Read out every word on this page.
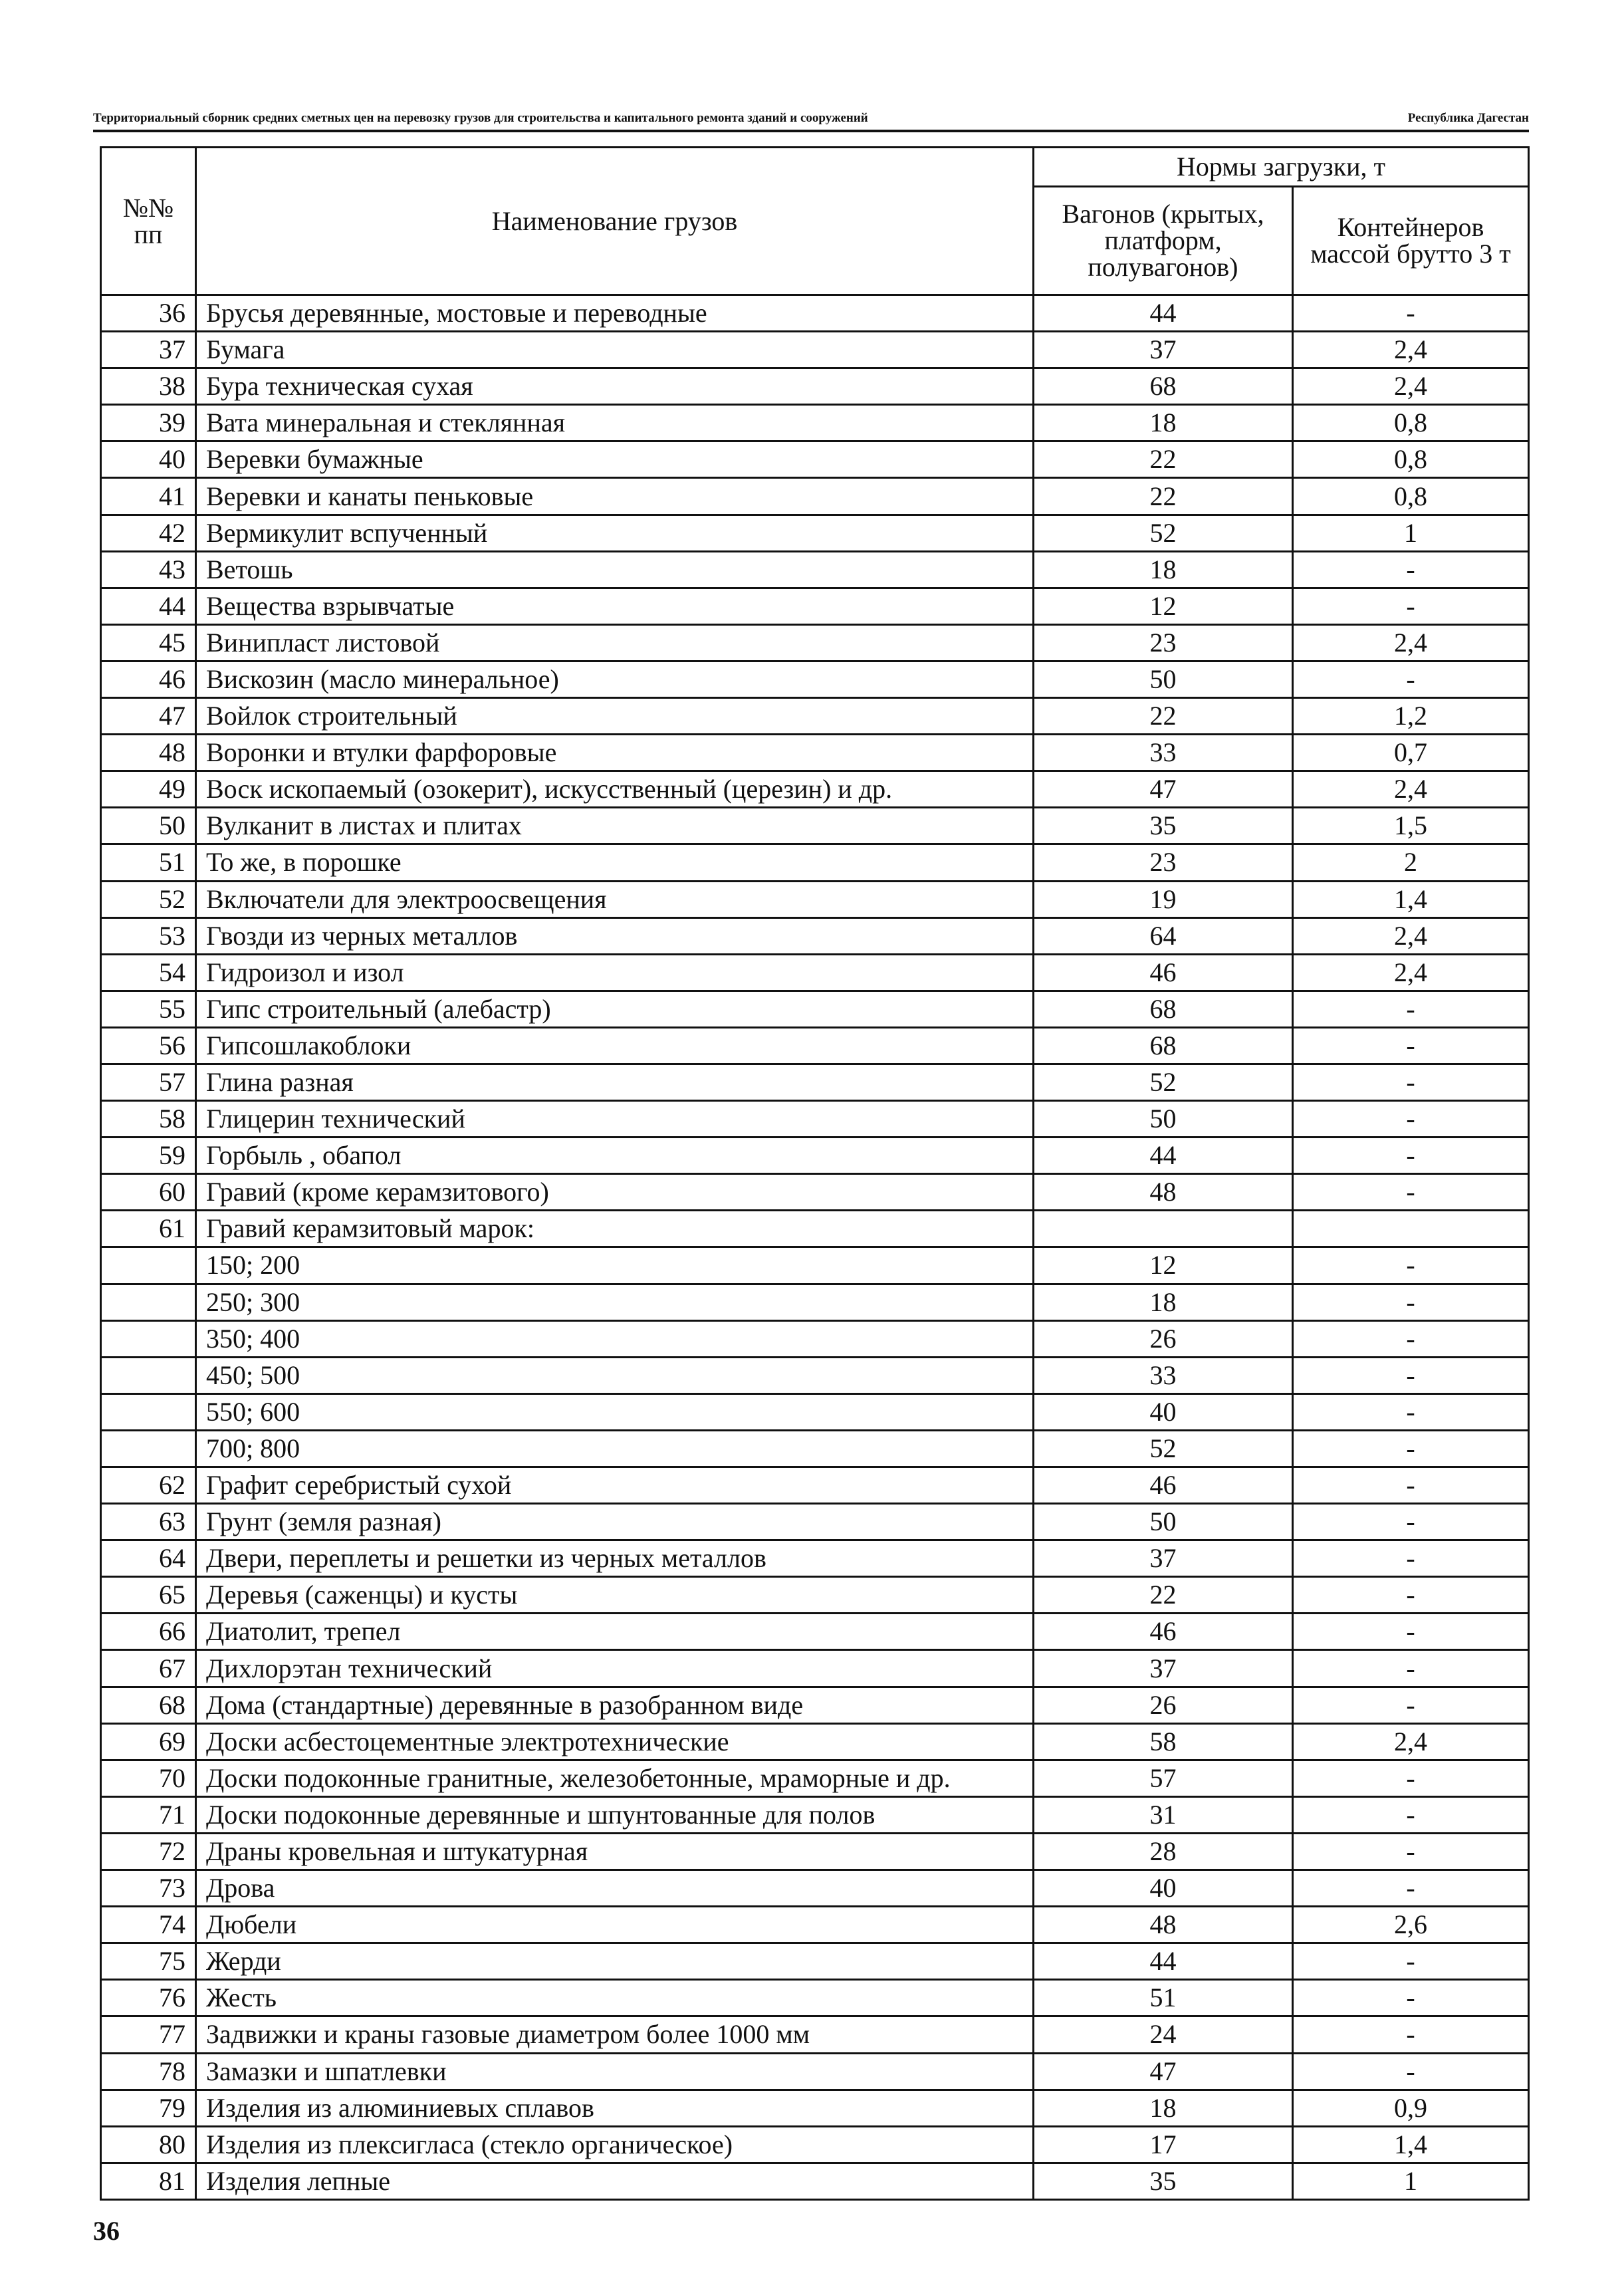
Территориальный сборник средних сметных цен на перевозку грузов для строительства и капитального ремонта зданий и сооружений	Республика Дагестан
№№ пп	Наименование грузов	Нормы загрузки, т	
		Вагонов (крытых, платформ, полувагонов)	Контейнеров массой брутто 3 т
36	Брусья деревянные, мостовые и переводные	44	-
37	Бумага	37	2,4
38	Бура техническая сухая	68	2,4
39	Вата минеральная и стеклянная	18	0,8
40	Веревки бумажные	22	0,8
41	Веревки и канаты пеньковые	22	0,8
42	Вермикулит вспученный	52	1
43	Ветошь	18	-
44	Вещества взрывчатые	12	-
45	Винипласт листовой	23	2,4
46	Вискозин (масло минеральное)	50	-
47	Войлок строительный	22	1,2
48	Воронки и втулки фарфоровые	33	0,7
49	Воск ископаемый (озокерит), искусственный (церезин) и др.	47	2,4
50	Вулканит в листах и плитах	35	1,5
51	То же, в порошке	23	2
52	Включатели для электроосвещения	19	1,4
53	Гвозди из черных металлов	64	2,4
54	Гидроизол и изол	46	2,4
55	Гипс строительный (алебастр)	68	-
56	Гипсошлакоблоки	68	-
57	Глина разная	52	-
58	Глицерин технический	50	-
59	Горбыль , обапол	44	-
60	Гравий (кроме керамзитового)	48	-
61	Гравий керамзитовый марок:		
	150; 200	12	-
	250; 300	18	-
	350; 400	26	-
	450; 500	33	-
	550; 600	40	-
	700; 800	52	-
62	Графит серебристый сухой	46	-
63	Грунт (земля разная)	50	-
64	Двери, переплеты и решетки из черных металлов	37	-
65	Деревья (саженцы) и кусты	22	-
66	Диатолит, трепел	46	-
67	Дихлорэтан технический	37	-
68	Дома (стандартные) деревянные в разобранном виде	26	-
69	Доски асбестоцементные электротехнические	58	2,4
70	Доски подоконные гранитные, железобетонные, мраморные и др.	57	-
71	Доски подоконные деревянные и шпунтованные для полов	31	-
72	Драны кровельная и штукатурная	28	-
73	Дрова	40	-
74	Дюбели	48	2,6
75	Жерди	44	-
76	Жесть	51	-
77	Задвижки и краны газовые диаметром более 1000 мм	24	-
78	Замазки и шпатлевки	47	-
79	Изделия из алюминиевых сплавов	18	0,9
80	Изделия из плексигласа (стекло органическое)	17	1,4
81	Изделия лепные	35	1
36
